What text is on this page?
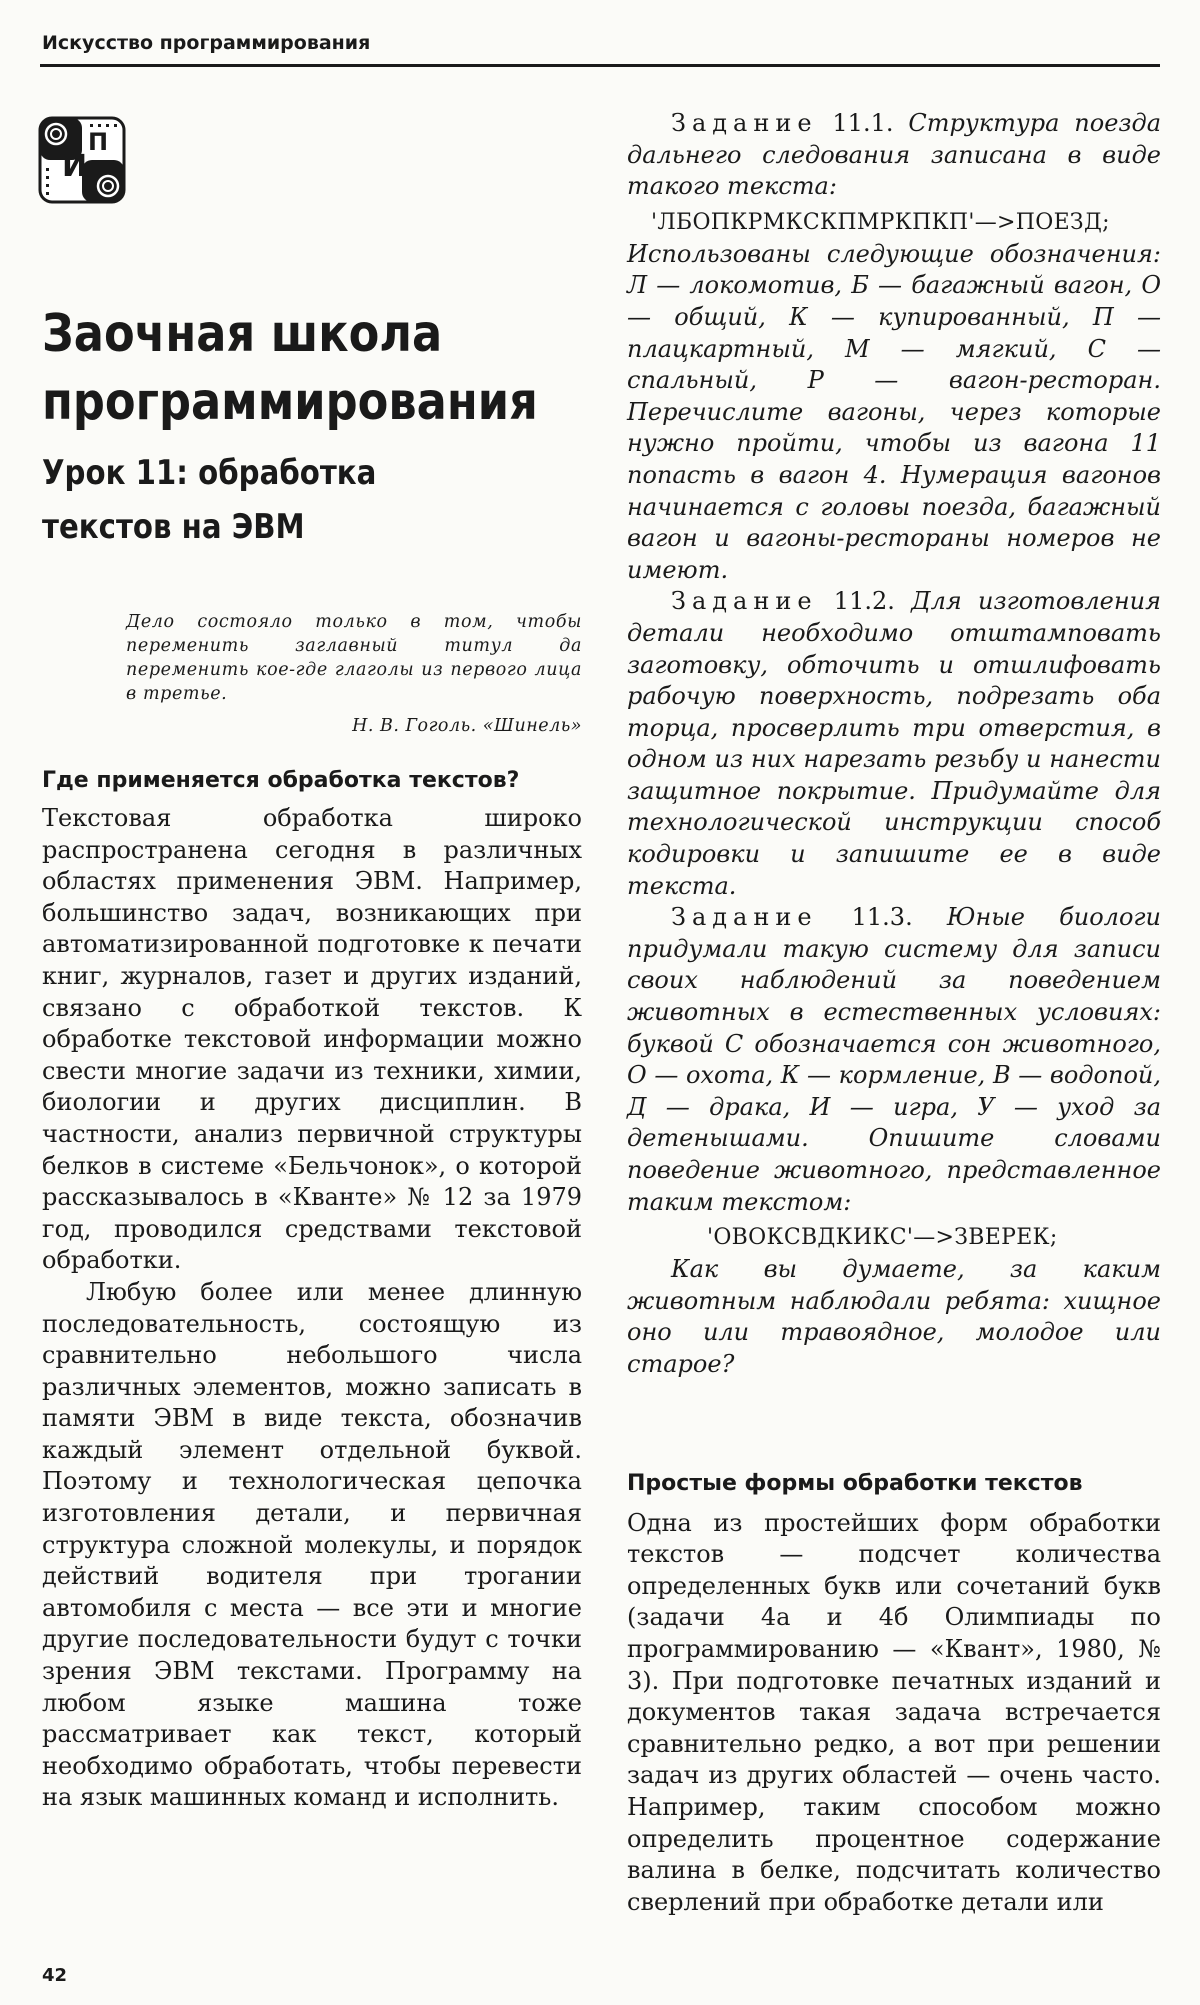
Искусство программирования
И
П
Заочная школа
программирования
Урок 11: обработка
текстов на ЭВМ
Дело состояло только в том, чтобы переменить заглавный титул да переменить кое-где глаголы из первого лица в третье.
Н. В. Гоголь. «Шинель»
Где применяется обработка текстов?

Текстовая обработка широко распространена сегодня в различных областях применения ЭВМ. Например, большинство задач, возникающих при автоматизированной подготовке к печати книг, журналов, газет и других изданий, связано с обработкой текстов. К обработке текстовой информации можно свести многие задачи из техники, химии, биологии и других дисциплин. В частности, анализ первичной структуры белков в системе «Бельчонок», о которой рассказывалось в «Кванте» № 12 за 1979 год, проводился средствами текстовой обработки.

Любую более или менее длинную последовательность, состоящую из сравнительно небольшого числа различных элементов, можно записать в памяти ЭВМ в виде текста, обозначив каждый элемент отдельной буквой. Поэтому и технологическая цепочка изготовления детали, и первичная структура сложной молекулы, и порядок действий водителя при трогании автомобиля с места — все эти и многие другие последовательности будут с точки зрения ЭВМ текстами. Программу на любом языке машина тоже рассматривает как текст, который необходимо обработать, чтобы перевести на язык машинных команд и исполнить.

Задание 11.1. Структура поезда дальнего следования записана в виде такого текста:

'ЛБОПКРМКСКПМРКПКП'—>ПОЕЗД;

Использованы следующие обозначения: Л — локомотив, Б — багажный вагон, О — общий, К — купированный, П — плацкартный, М — мягкий, С — спальный, Р — вагон-ресторан. Перечислите вагоны, через которые нужно пройти, чтобы из вагона 11 попасть в вагон 4. Нумерация вагонов начинается с головы поезда, багажный вагон и вагоны-рестораны номеров не имеют.

Задание 11.2. Для изготовления детали необходимо отштамповать заготовку, обточить и отшлифовать рабочую поверхность, подрезать оба торца, просверлить три отверстия, в одном из них нарезать резьбу и нанести защитное покрытие. Придумайте для технологической инструкции способ кодировки и запишите ее в виде текста.

Задание 11.3. Юные биологи придумали такую систему для записи своих наблюдений за поведением животных в естественных условиях: буквой С обозначается сон животного, О — охота, К — кормление, В — водопой, Д — драка, И — игра, У — уход за детенышами. Опишите словами поведение животного, представленное таким текстом:

'ОВОКСВДКИКС'—>ЗВЕРЕК;

Как вы думаете, за каким животным наблюдали ребята: хищное оно или травоядное, молодое или старое?

Простые формы обработки текстов

Одна из простейших форм обработки текстов — подсчет количества определенных букв или сочетаний букв (задачи 4а и 4б Олимпиады по программированию — «Квант», 1980, № 3). При подготовке печатных изданий и документов такая задача встречается сравнительно редко, а вот при решении задач из других областей — очень часто. Например, таким способом можно определить процентное содержание валина в белке, подсчитать количество сверлений при обработке детали или

42
